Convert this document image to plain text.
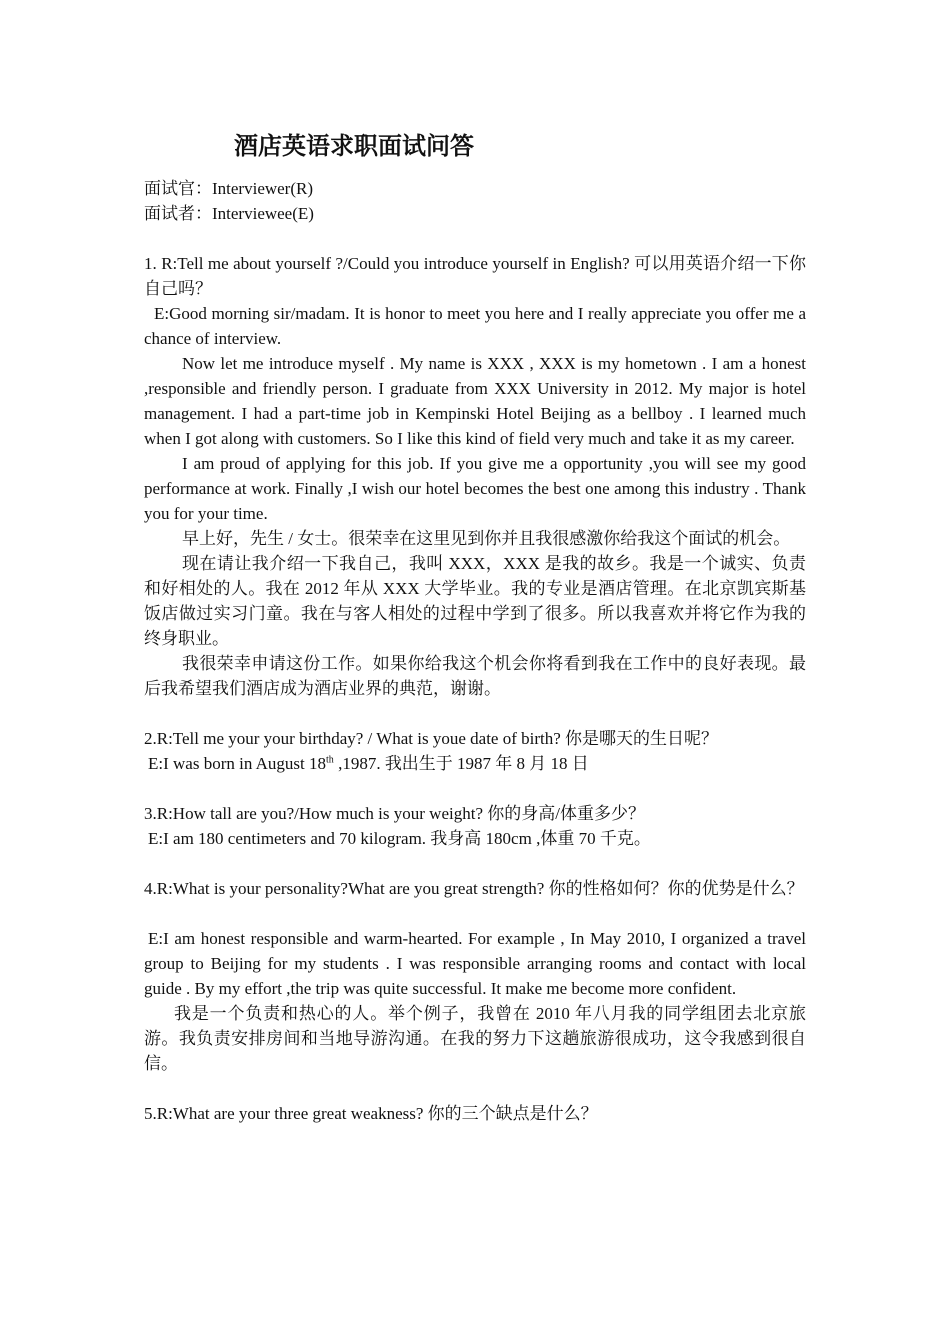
酒店英语求职面试问答

面试官：Interviewer(R)

面试者：Interviewee(E)

1. R:Tell me about yourself ?/Could you introduce yourself in English? 可以用英语介绍一下你自己吗？

E:Good morning sir/madam. It is honor to meet you here and I really appreciate you offer me a chance of interview.

Now let me introduce myself . My name is XXX , XXX is my hometown . I am a honest ,responsible and friendly person. I graduate from XXX University in 2012. My major is hotel management. I had a part-time job in Kempinski Hotel Beijing as a bellboy . I learned much when I got along with customers. So I like this kind of field very much and take it as my career.

I am proud of applying for this job. If you give me a opportunity ,you will see my good performance at work. Finally ,I wish our hotel becomes the best one among this industry . Thank you for your time.

早上好，先生 / 女士。很荣幸在这里见到你并且我很感激你给我这个面试的机会。

现在请让我介绍一下我自己，我叫 XXX，XXX 是我的故乡。我是一个诚实、负责和好相处的人。我在 2012 年从 XXX 大学毕业。我的专业是酒店管理。在北京凯宾斯基饭店做过实习门童。我在与客人相处的过程中学到了很多。所以我喜欢并将它作为我的终身职业。

我很荣幸申请这份工作。如果你给我这个机会你将看到我在工作中的良好表现。最后我希望我们酒店成为酒店业界的典范，谢谢。

2.R:Tell me your your birthday? / What is youe date of birth? 你是哪天的生日呢？

E:I was born in August 18th ,1987. 我出生于 1987 年 8 月 18 日

3.R:How tall are you?/How much is your weight? 你的身高/体重多少？

E:I am 180 centimeters and 70 kilogram. 我身高 180cm ,体重 70 千克。

4.R:What is your personality?What are you great strength? 你的性格如何？你的优势是什么？

E:I am honest responsible and warm-hearted. For example , In May 2010, I organized a travel group to Beijing for my students . I was responsible arranging rooms and contact with local guide . By my effort ,the trip was quite successful. It make me become more confident.

我是一个负责和热心的人。举个例子，我曾在 2010 年八月我的同学组团去北京旅游。我负责安排房间和当地导游沟通。在我的努力下这趟旅游很成功，这令我感到很自信。

5.R:What are your three great weakness? 你的三个缺点是什么？
